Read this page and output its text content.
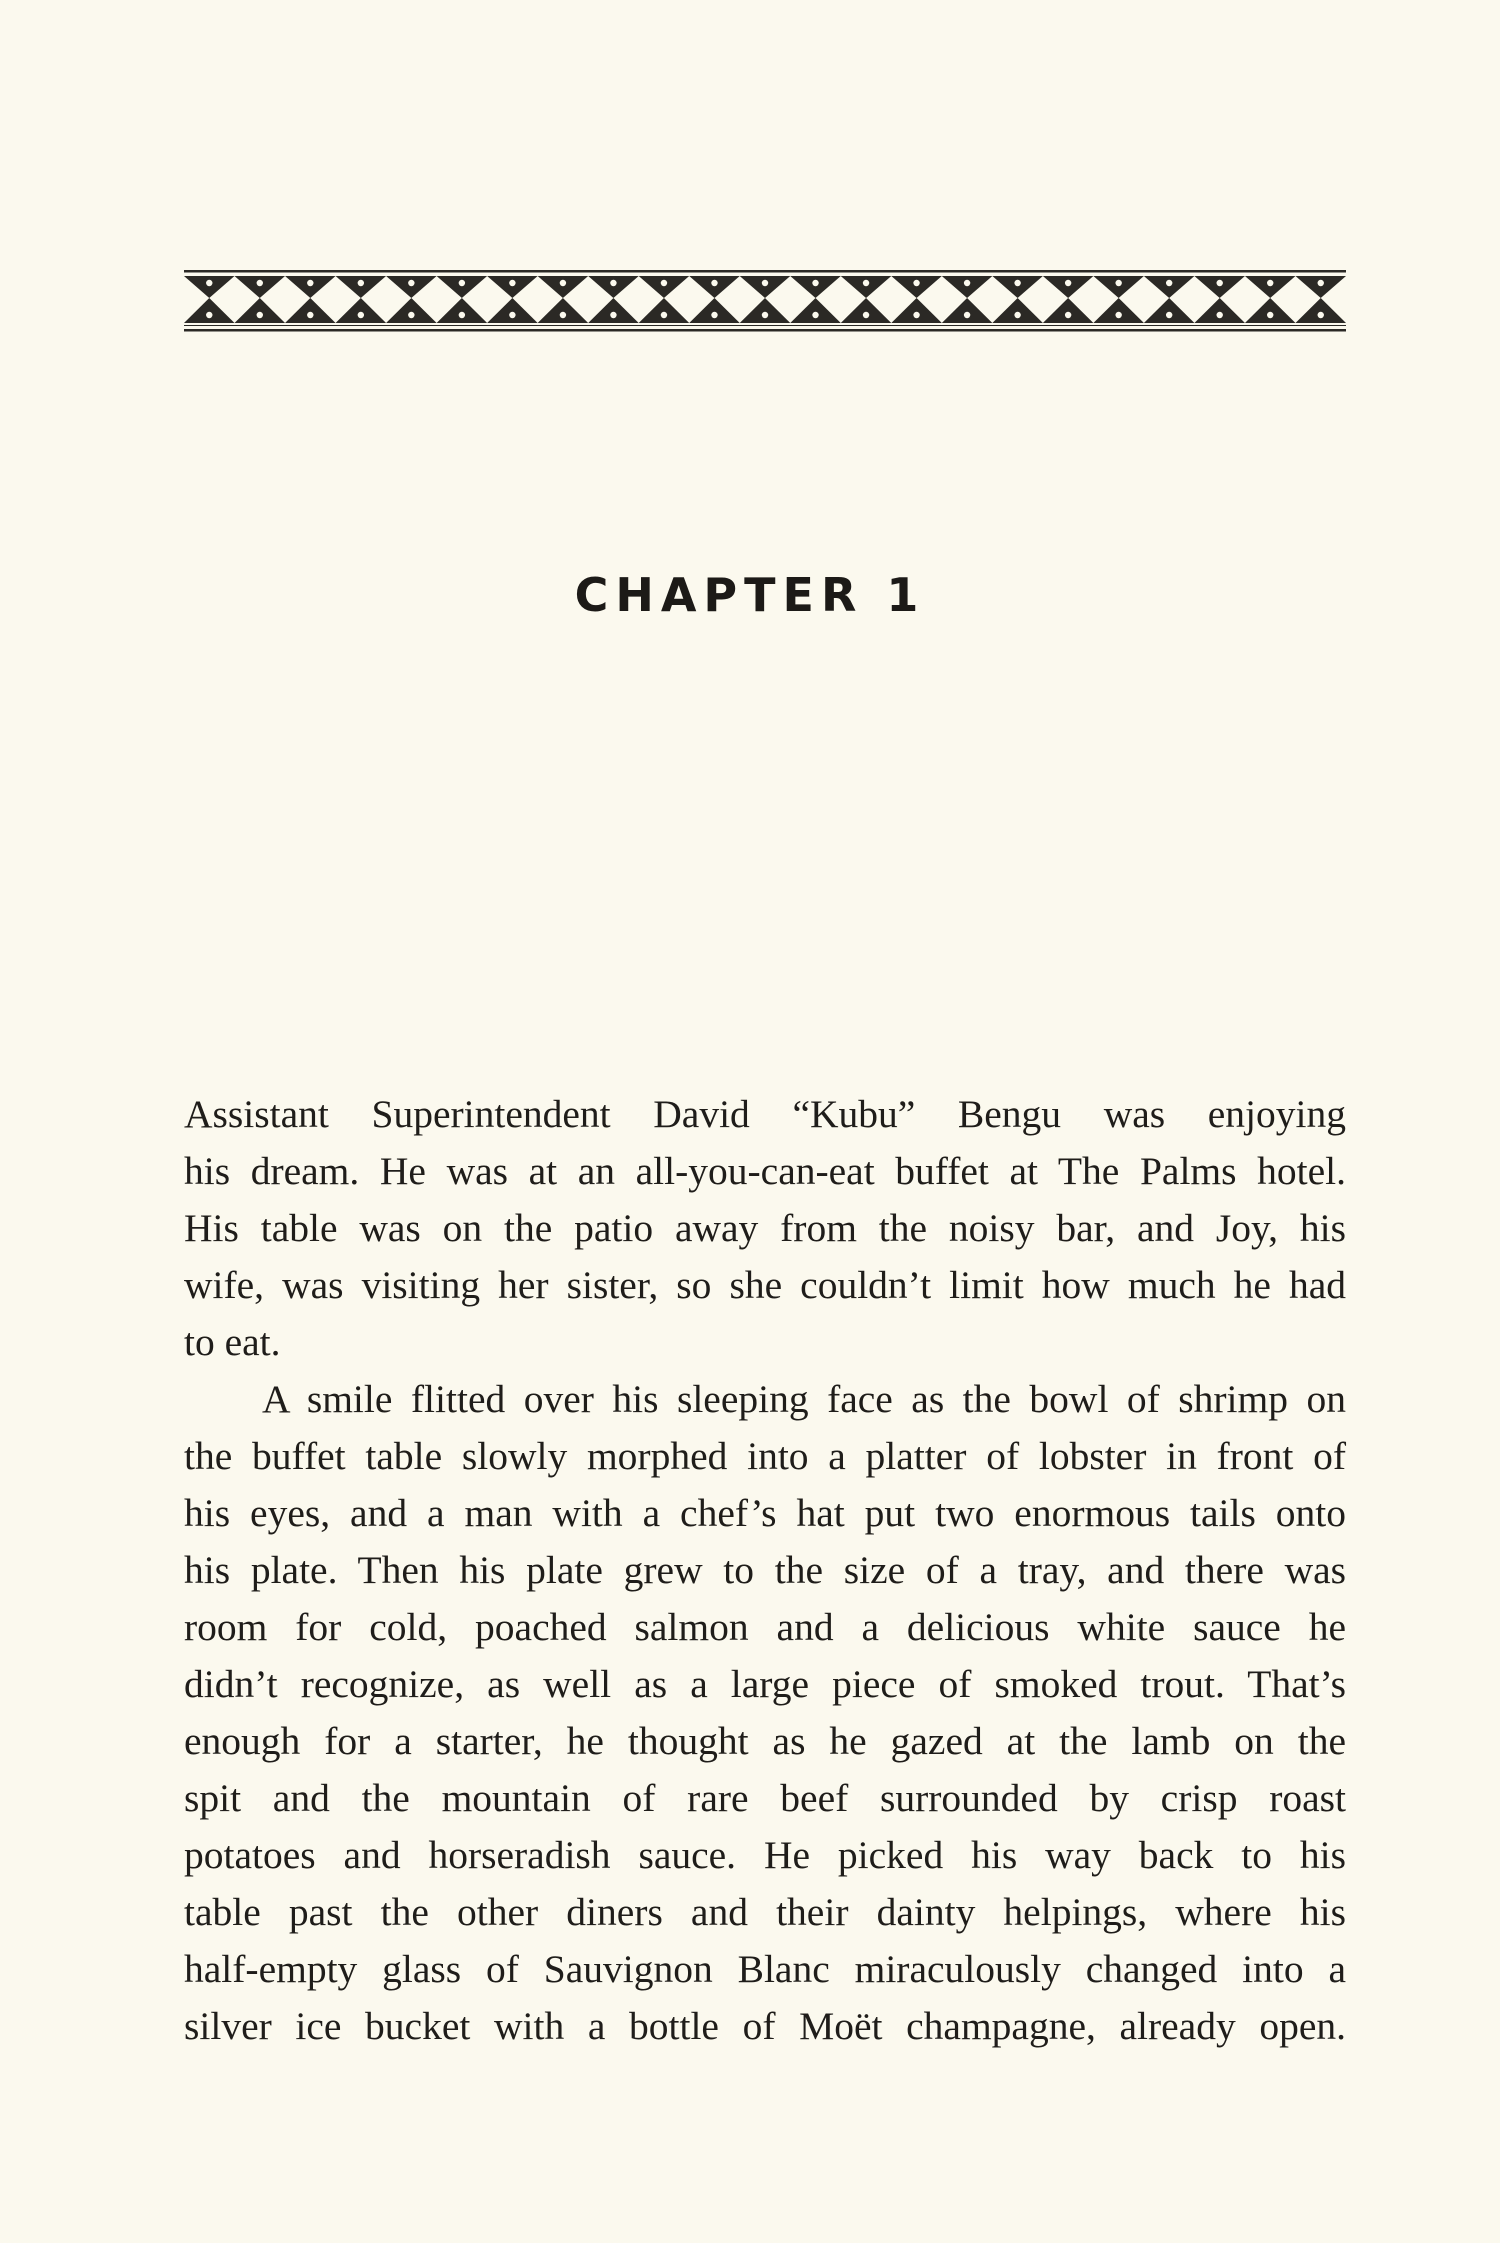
CHAPTER 1

Assistant Superintendent David “Kubu” Bengu was enjoying
his dream. He was at an all-you-can-eat buffet at The Palms hotel.
His table was on the patio away from the noisy bar, and Joy, his
wife, was visiting her sister, so she couldn’t limit how much he had
to eat.

A smile flitted over his sleeping face as the bowl of shrimp on
the buffet table slowly morphed into a platter of lobster in front of
his eyes, and a man with a chef’s hat put two enormous tails onto
his plate. Then his plate grew to the size of a tray, and there was
room for cold, poached salmon and a delicious white sauce he
didn’t recognize, as well as a large piece of smoked trout. That’s
enough for a starter, he thought as he gazed at the lamb on the
spit and the mountain of rare beef surrounded by crisp roast
potatoes and horseradish sauce. He picked his way back to his
table past the other diners and their dainty helpings, where his
half-empty glass of Sauvignon Blanc miraculously changed into a
silver ice bucket with a bottle of Moët champagne, already open.
